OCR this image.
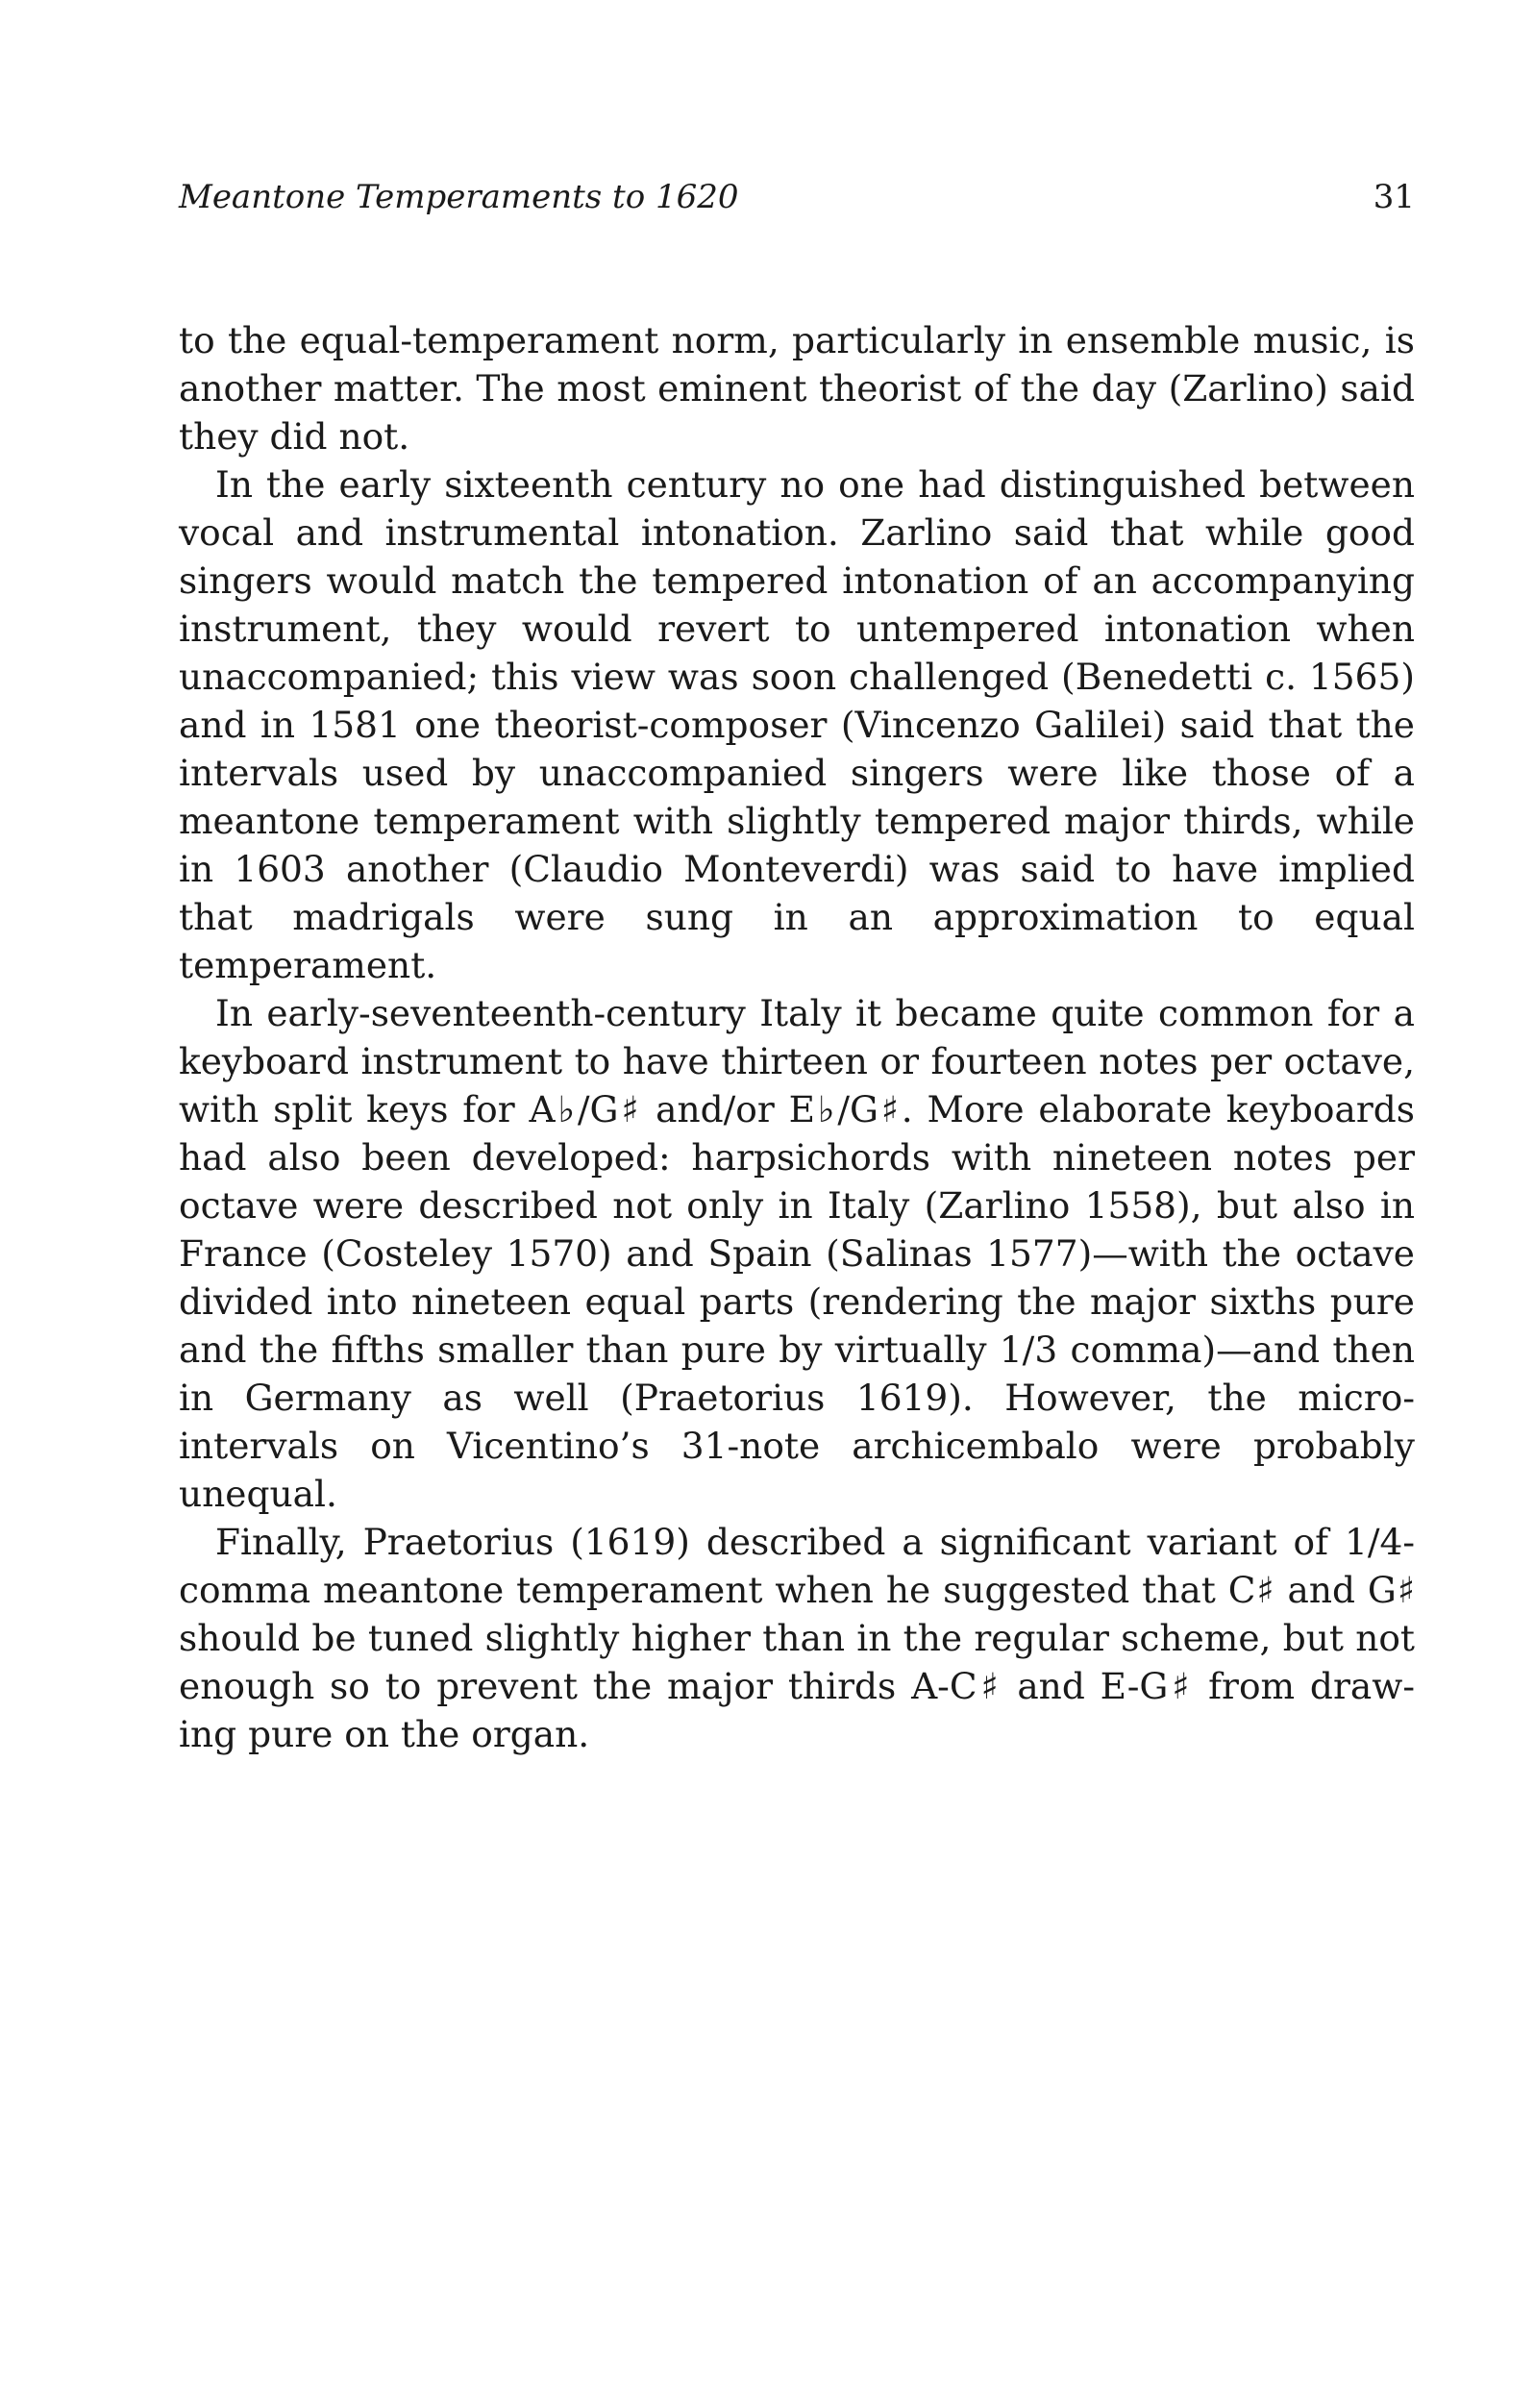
Meantone Temperaments to 1620	31

to the equal-temperament norm, particularly in ensemble music, is another matter. The most eminent theorist of the day (Zarlino) said they did not.

In the early sixteenth century no one had distinguished between vocal and instrumental intonation. Zarlino said that while good singers would match the tempered intonation of an accompanying instrument, they would revert to untempered intonation when unaccompanied; this view was soon challenged (Benedetti c. 1565) and in 1581 one theorist-composer (Vincenzo Galilei) said that the intervals used by unaccompanied singers were like those of a meantone temperament with slightly tempered major thirds, while in 1603 another (Claudio Monteverdi) was said to have implied that madrigals were sung in an approximation to equal temperament.

In early-seventeenth-century Italy it became quite common for a keyboard instrument to have thirteen or fourteen notes per octave, with split keys for A♭/G♯ and/or E♭/G♯. More elaborate keyboards had also been developed: harpsichords with nineteen notes per octave were described not only in Italy (Zarlino 1558), but also in France (Costeley 1570) and Spain (Salinas 1577)—with the octave divided into nineteen equal parts (rendering the major sixths pure and the fifths smaller than pure by virtually 1/3 comma)—and then in Germany as well (Praetorius 1619). However, the micro-intervals on Vicentino’s 31-note archicembalo were probably unequal.

Finally, Praetorius (1619) described a significant variant of 1/4-comma meantone temperament when he suggested that C♯ and G♯ should be tuned slightly higher than in the regular scheme, but not enough so to prevent the major thirds A-C♯ and E-G♯ from draw-ing pure on the organ.
